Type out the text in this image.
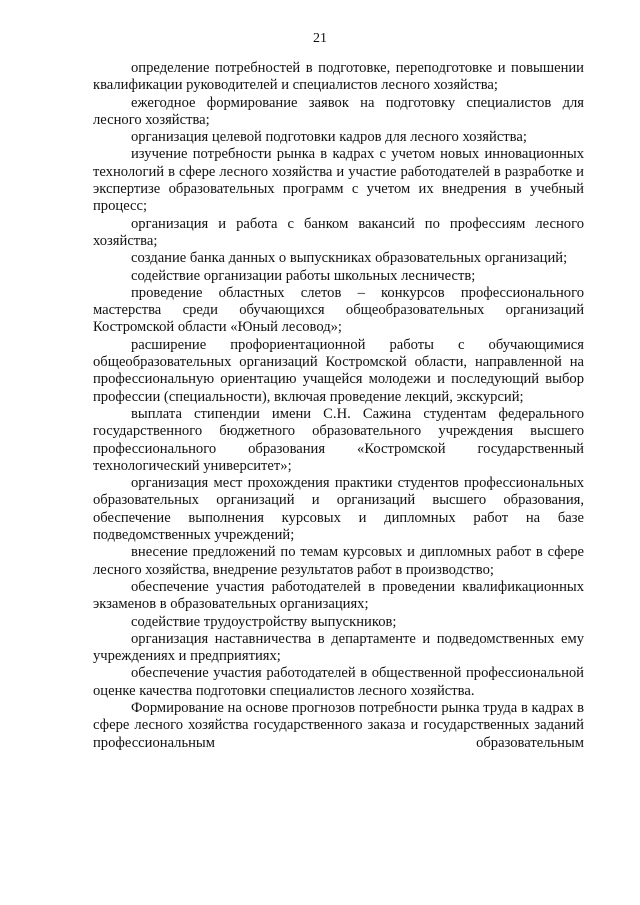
21

определение потребностей в подготовке, переподготовке и повышении квалификации руководителей и специалистов лесного хозяйства;

ежегодное формирование заявок на подготовку специалистов для лесного хозяйства;

организация целевой подготовки кадров для лесного хозяйства;

изучение потребности рынка в кадрах с учетом новых инновационных технологий в сфере лесного хозяйства и участие работодателей в разработке и экспертизе образовательных программ с учетом их внедрения в учебный процесс;

организация и работа с банком вакансий по профессиям лесного хозяйства;

создание банка данных о выпускниках образовательных организаций;

содействие организации работы школьных лесничеств;

проведение областных слетов – конкурсов профессионального мастерства среди обучающихся общеобразовательных организаций Костромской области «Юный лесовод»;

расширение профориентационной работы с обучающимися общеобразовательных организаций Костромской области, направленной на профессиональную ориентацию учащейся молодежи и последующий выбор профессии (специальности), включая проведение лекций, экскурсий;

выплата стипендии имени С.Н. Сажина студентам федерального государственного бюджетного образовательного учреждения высшего профессионального образования «Костромской государственный технологический университет»;

организация мест прохождения практики студентов профессиональных образовательных организаций и организаций высшего образования, обеспечение выполнения курсовых и дипломных работ на базе подведомственных учреждений;

внесение предложений по темам курсовых и дипломных работ в сфере лесного хозяйства, внедрение результатов работ в производство;

обеспечение участия работодателей в проведении квалификационных экзаменов в образовательных организациях;

содействие трудоустройству выпускников;

организация наставничества в департаменте и подведомственных ему учреждениях и предприятиях;

обеспечение участия работодателей в общественной профессиональной оценке качества подготовки специалистов лесного хозяйства.

Формирование на основе прогнозов потребности рынка труда в кадрах в сфере лесного хозяйства государственного заказа и государственных заданий профессиональным образовательным
